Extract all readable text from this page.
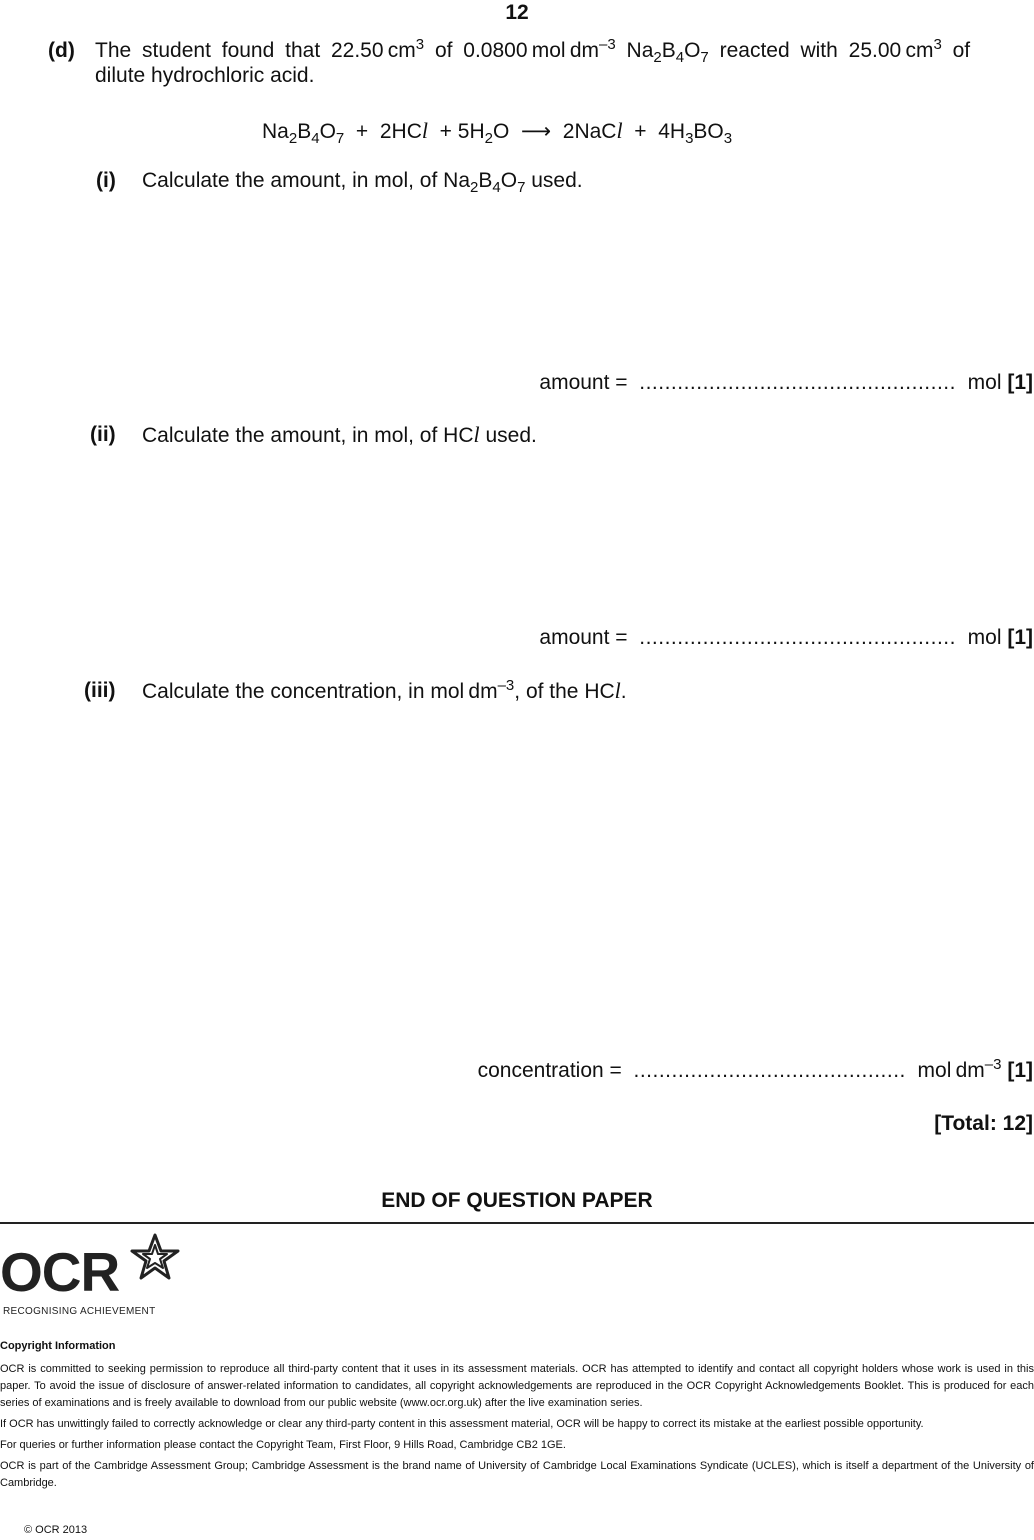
12
(d) The student found that 22.50  $cm^3$ of 0.0800  mol  $dm^{-3}$ $Na_2B_4O_7$ reacted with 25.00  $cm^3$ of
dilute hydrochloric acid.
$Na_2B_4O_7 + 2HCl + 5H_2O$ ⟶ 2NaCl + $4H_3BO_3$
(i) Calculate the amount, in mol, of $Na_2B_4O_7$ used.
amount = .................................................. mol [1]
(ii) Calculate the amount, in mol, of HCl used.
amount = .................................................. mol [1]
(iii) Calculate the concentration, in mol  $dm^{-3}$, of the HCl.
concentration = ........................................... mol  $dm^{-3}$ [1]
[Total: 12]
END OF QUESTION PAPER
OCR
RECOGNISING ACHIEVEMENT

Copyright Information

OCR is committed to seeking permission to reproduce all third-party content that it uses in its assessment materials. OCR has attempted to identify and contact all copyright holders whose work is used in this paper. To avoid the issue of disclosure of answer-related information to candidates, all copyright acknowledgements are reproduced in the OCR Copyright Acknowledgements Booklet. This is produced for each series of examinations and is freely available to download from our public website (www.ocr.org.uk) after the live examination series.

If OCR has unwittingly failed to correctly acknowledge or clear any third-party content in this assessment material, OCR will be happy to correct its mistake at the earliest possible opportunity.

For queries or further information please contact the Copyright Team, First Floor, 9 Hills Road, Cambridge CB2 1GE.

OCR is part of the Cambridge Assessment Group; Cambridge Assessment is the brand name of University of Cambridge Local Examinations Syndicate (UCLES), which is itself a department of the University of Cambridge.

© OCR 2013
